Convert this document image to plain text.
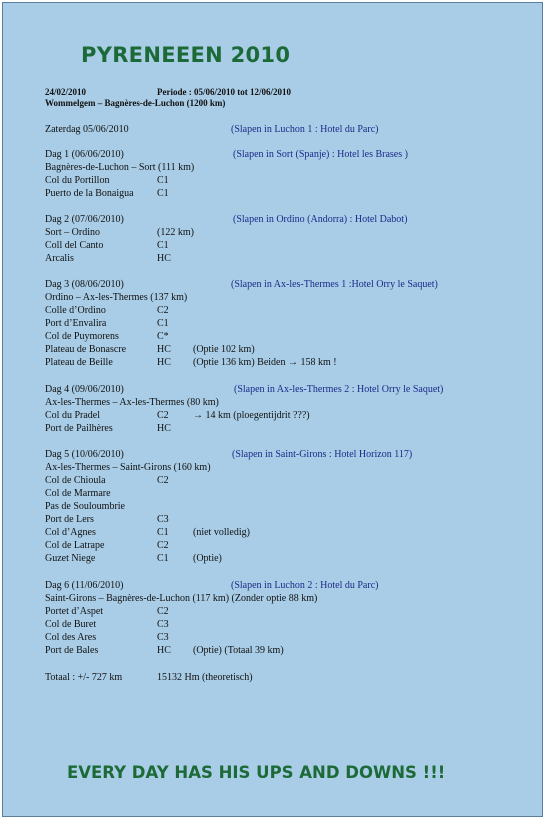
PYRENEEEN 2010
24/02/2010	Periode : 05/06/2010 tot 12/06/2010
Wommelgem – Bagnères-de-Luchon (1200 km)
Zaterdag 05/06/2010	(Slapen in Luchon 1 : Hotel du Parc)
Dag 1 (06/06/2010)	(Slapen in Sort (Spanje) : Hotel les Brases )
Bagnères-de-Luchon – Sort (111 km)
Col du Portillon	C1
Puerto de la Bonaigua C1
Dag 2 (07/06/2010)	(Slapen in Ordino (Andorra) : Hotel Dabot)
Sort – Ordino	(122 km)
Coll del Canto	C1
Arcalis	HC
Dag 3 (08/06/2010)	(Slapen in Ax-les-Thermes 1 :Hotel Orry le Saquet)
Ordino – Ax-les-Thermes (137 km)
Colle d’Ordino	C2
Port d’Envalira	C1
Col de Puymorens	C*
Plateau de Bonascre	HC (Optie 102 km)
Plateau de Beille	HC (Optie 136 km) Beiden → 158 km !
Dag 4 (09/06/2010)	(Slapen in Ax-les-Thermes 2 : Hotel Orry le Saquet)
Ax-les-Thermes – Ax-les-Thermes (80 km)
Col du Pradel	C2 → 14 km (ploegentijdrit ???)
Port de Pailhères	HC
Dag 5 (10/06/2010)	(Slapen in Saint-Girons : Hotel Horizon 117)
Ax-les-Thermes – Saint-Girons (160 km)
Col de Chioula	C2
Col de Marmare
Pas de Souloumbrie
Port de Lers	C3
Col d’Agnes	C1 (niet volledig)
Col de Latrape	C2
Guzet Niege	C1 (Optie)
Dag 6 (11/06/2010)	(Slapen in Luchon 2 : Hotel du Parc)
Saint-Girons – Bagnères-de-Luchon (117 km) (Zonder optie 88 km)
Portet d’Aspet	C2
Col de Buret	C3
Col des Ares	C3
Port de Bales	HC (Optie) (Totaal 39 km)
Totaal : +/- 727 km	15132 Hm (theoretisch)
EVERY DAY HAS HIS UPS AND DOWNS !!!
